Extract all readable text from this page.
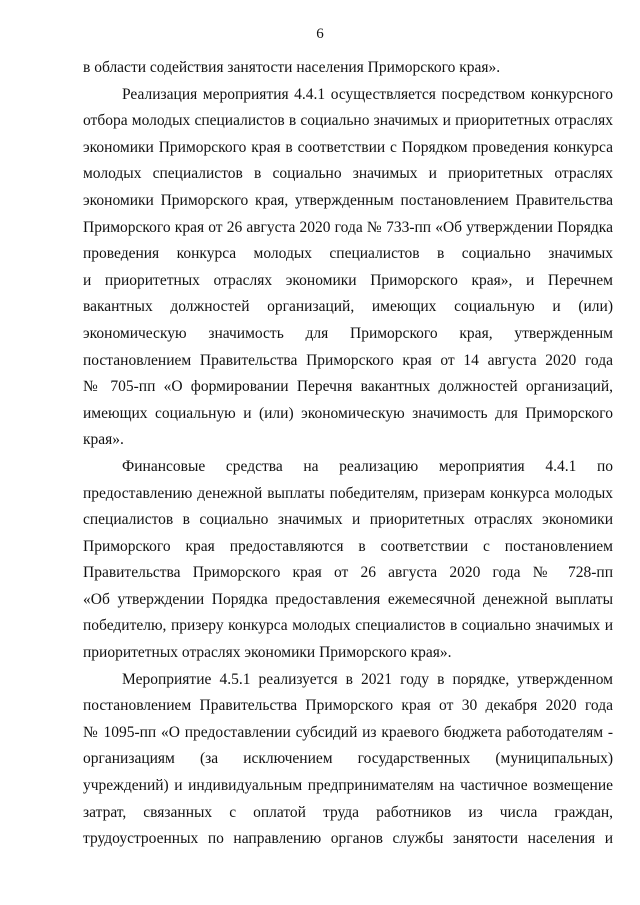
6
в области содействия занятости населения Приморского края».
Реализация мероприятия 4.4.1 осуществляется посредством конкурсного
отбора молодых специалистов в социально значимых и приоритетных отраслях
экономики Приморского края в соответствии с Порядком проведения конкурса
молодых специалистов в социально значимых и приоритетных отраслях
экономики Приморского края, утвержденным постановлением Правительства
Приморского края от 26 августа 2020 года № 733-пп «Об утверждении Порядка
проведения конкурса молодых специалистов в социально значимых
и приоритетных отраслях экономики Приморского края», и Перечнем
вакантных должностей организаций, имеющих социальную и (или)
экономическую значимость для Приморского края, утвержденным
постановлением Правительства Приморского края от 14 августа 2020 года
№ 705-пп «О формировании Перечня вакантных должностей организаций,
имеющих социальную и (или) экономическую значимость для Приморского
края».
Финансовые средства на реализацию мероприятия 4.4.1 по
предоставлению денежной выплаты победителям, призерам конкурса молодых
специалистов в социально значимых и приоритетных отраслях экономики
Приморского края предоставляются в соответствии с постановлением
Правительства Приморского края от 26 августа 2020 года № 728-пп
«Об утверждении Порядка предоставления ежемесячной денежной выплаты
победителю, призеру конкурса молодых специалистов в социально значимых и
приоритетных отраслях экономики Приморского края».
Мероприятие 4.5.1 реализуется в 2021 году в порядке, утвержденном
постановлением Правительства Приморского края от 30 декабря 2020 года
№ 1095-пп «О предоставлении субсидий из краевого бюджета работодателям -
организациям (за исключением государственных (муниципальных)
учреждений) и индивидуальным предпринимателям на частичное возмещение
затрат, связанных с оплатой труда работников из числа граждан,
трудоустроенных по направлению органов службы занятости населения и
